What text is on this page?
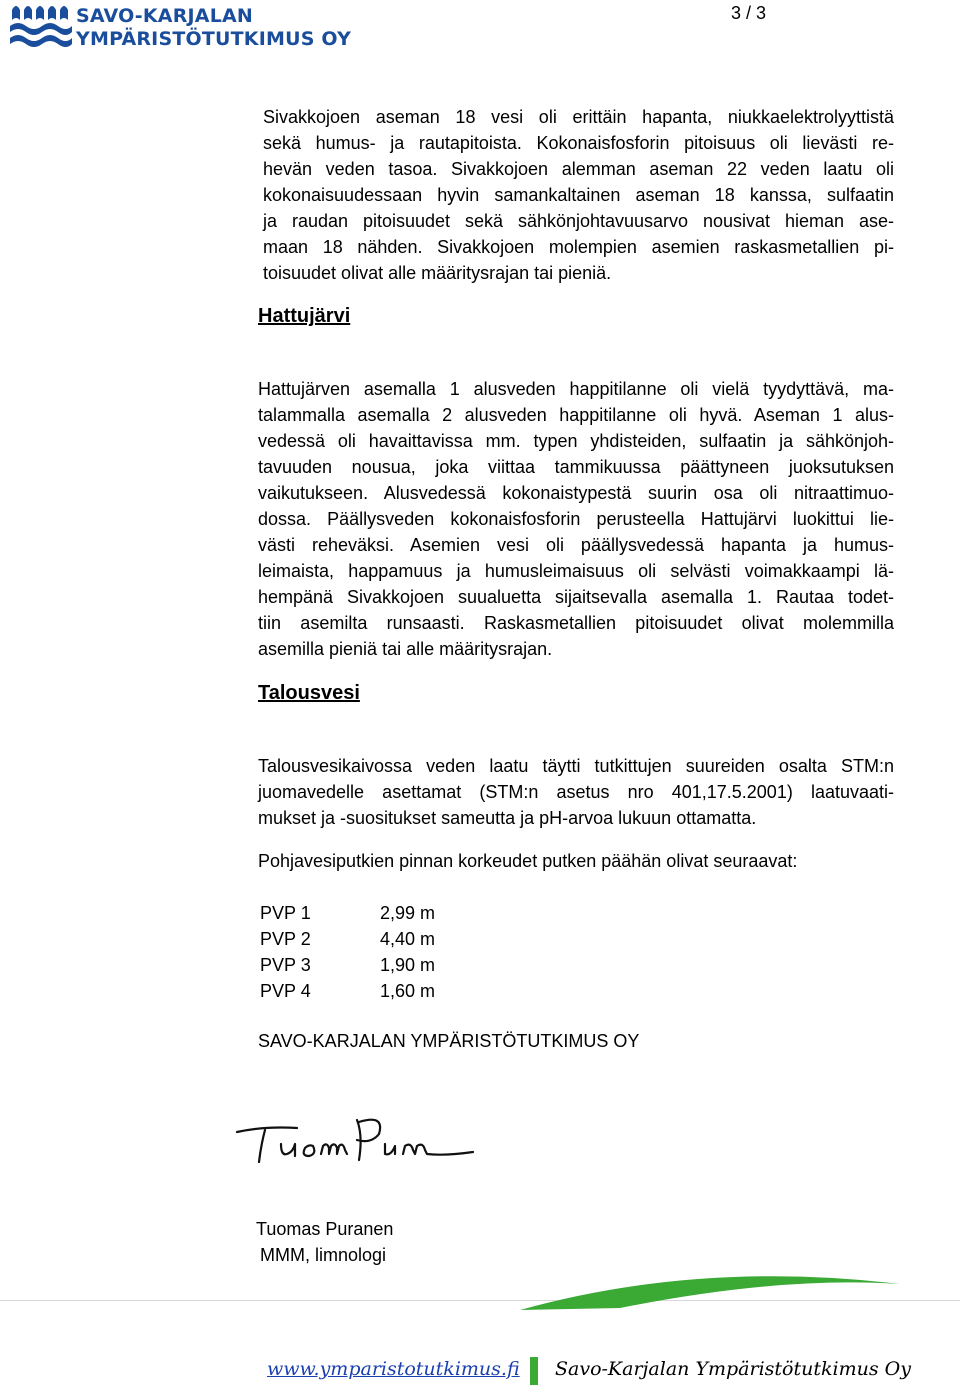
SAVO-KARJALAN
YMPÄRISTÖTUTKIMUS OY
3 / 3
Sivakkojoen aseman 18 vesi oli erittäin hapanta, niukkaelektrolyyttistä
sekä humus- ja rautapitoista. Kokonaisfosforin pitoisuus oli lievästi re-
hevän veden tasoa. Sivakkojoen alemman aseman 22 veden laatu oli
kokonaisuudessaan hyvin samankaltainen aseman 18 kanssa, sulfaatin
ja raudan pitoisuudet sekä sähkönjohtavuusarvo nousivat hieman ase-
maan 18 nähden. Sivakkojoen molempien asemien raskasmetallien pi-
toisuudet olivat alle määritysrajan tai pieniä.
Hattujärvi
Hattujärven asemalla 1 alusveden happitilanne oli vielä tyydyttävä, ma-
talammalla asemalla 2 alusveden happitilanne oli hyvä. Aseman 1 alus-
vedessä oli havaittavissa mm. typen yhdisteiden, sulfaatin ja sähkönjoh-
tavuuden nousua, joka viittaa tammikuussa päättyneen juoksutuksen
vaikutukseen. Alusvedessä kokonaistypestä suurin osa oli nitraattimuo-
dossa. Päällysveden kokonaisfosforin perusteella Hattujärvi luokittui lie-
västi reheväksi. Asemien vesi oli päällysvedessä hapanta ja humus-
leimaista, happamuus ja humusleimaisuus oli selvästi voimakkaampi lä-
hempänä Sivakkojoen suualuetta sijaitsevalla asemalla 1. Rautaa todet-
tiin asemilta runsaasti. Raskasmetallien pitoisuudet olivat molemmilla
asemilla pieniä tai alle määritysrajan.
Talousvesi
Talousvesikaivossa veden laatu täytti tutkittujen suureiden osalta STM:n
juomavedelle asettamat (STM:n asetus nro 401,17.5.2001) laatuvaati-
mukset ja -suositukset sameutta ja pH-arvoa lukuun ottamatta.
Pohjavesiputkien pinnan korkeudet putken päähän olivat seuraavat:
PVP 1	2,99 m
PVP 2	4,40 m
PVP 3	1,90 m
PVP 4	1,60 m
SAVO-KARJALAN YMPÄRISTÖTUTKIMUS OY
Tuomas Puranen
MMM, limnologi
www.ymparistotutkimus.fi Savo-Karjalan Ympäristötutkimus Oy
